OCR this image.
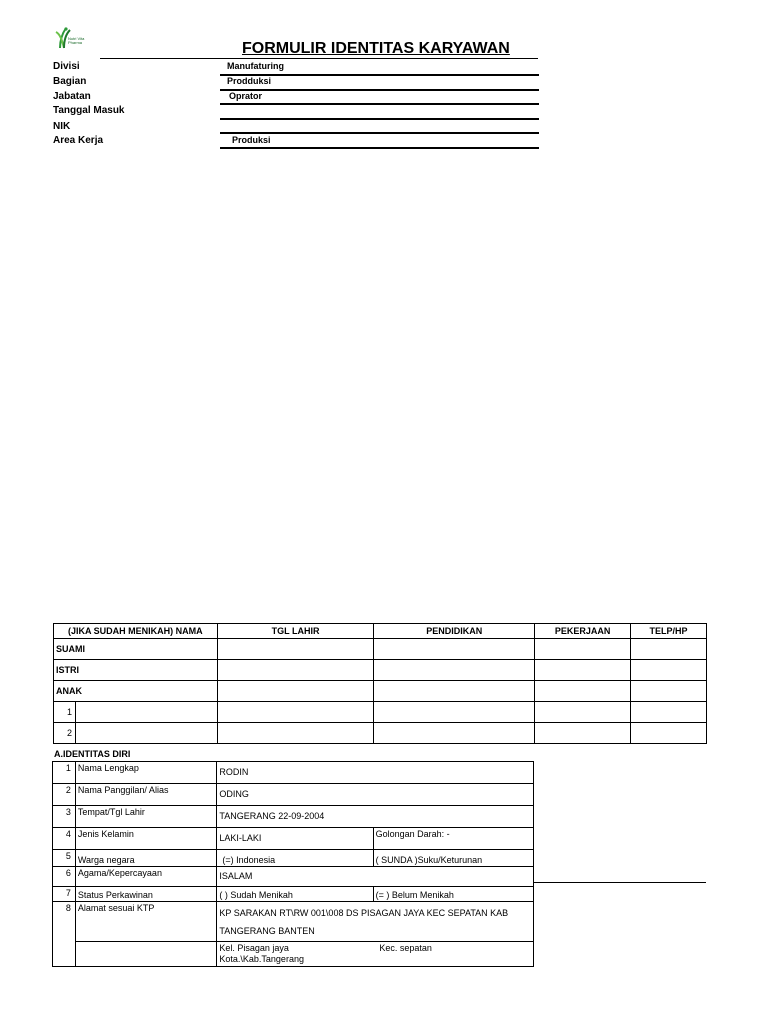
Nutri Vita
Pharma	FORMULIR IDENTITAS KARYAWAN
Divisi	Manufaturing
Bagian	Prodduksi
Jabatan	Oprator
Tanggal Masuk
NIK
Area Kerja	Produksi
(JIKA SUDAH MENIKAH) NAMA		TGL LAHIR	PENDIDIKAN	PEKERJAAN	TELP/HP
SUAMI					
ISTRI					
ANAK					
1					
2					
A.IDENTITAS DIRI
1	Nama Lengkap	RODIN	
2	Nama Panggilan/ Alias	ODING	
3	Tempat/Tgl Lahir	TANGERANG 22-09-2004	
4	Jenis Kelamin	LAKI-LAKI	Golongan Darah: -
5	Warga negara	(=) Indonesia	( SUNDA )Suku/Keturunan
6	Agama/Kepercayaan	ISALAM	
7	Status Perkawinan	( ) Sudah Menikah	(= ) Belum Menikah
8	Alamat sesuai KTP	KP SARAKAN RT\RW 001\008 DS PISAGAN JAYA KEC SEPATAN KAB TANGERANG BANTEN	
		Kel. Pisagan jaya Kec. sepatan
Kota.\Kab.Tangerang	
